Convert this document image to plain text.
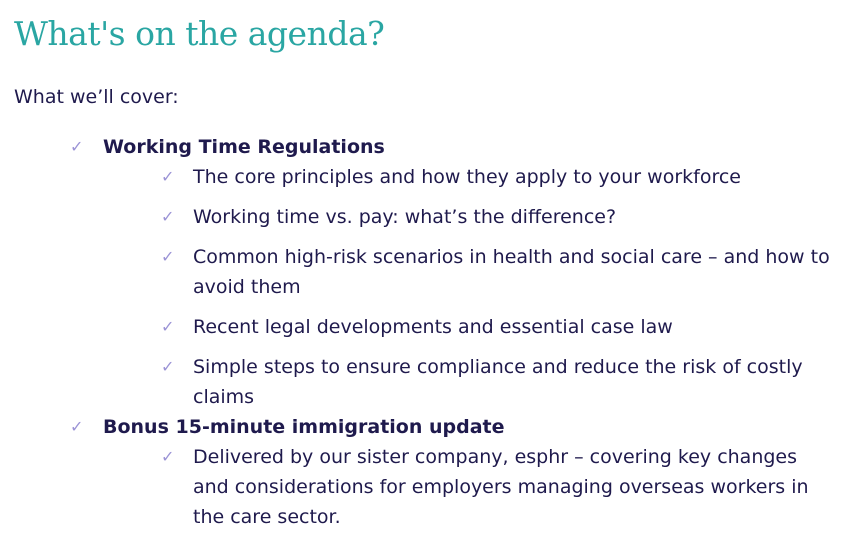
What's on the agenda?
What we’ll cover:
✓ Working Time Regulations
✓ The core principles and how they apply to your workforce
✓ Working time vs. pay: what’s the difference?
✓ Common high-risk scenarios in health and social care – and how to avoid them
✓ Recent legal developments and essential case law
✓ Simple steps to ensure compliance and reduce the risk of costly claims
✓ Bonus 15-minute immigration update
✓ Delivered by our sister company, esphr – covering key changes and considerations for employers managing overseas workers in the care sector.
